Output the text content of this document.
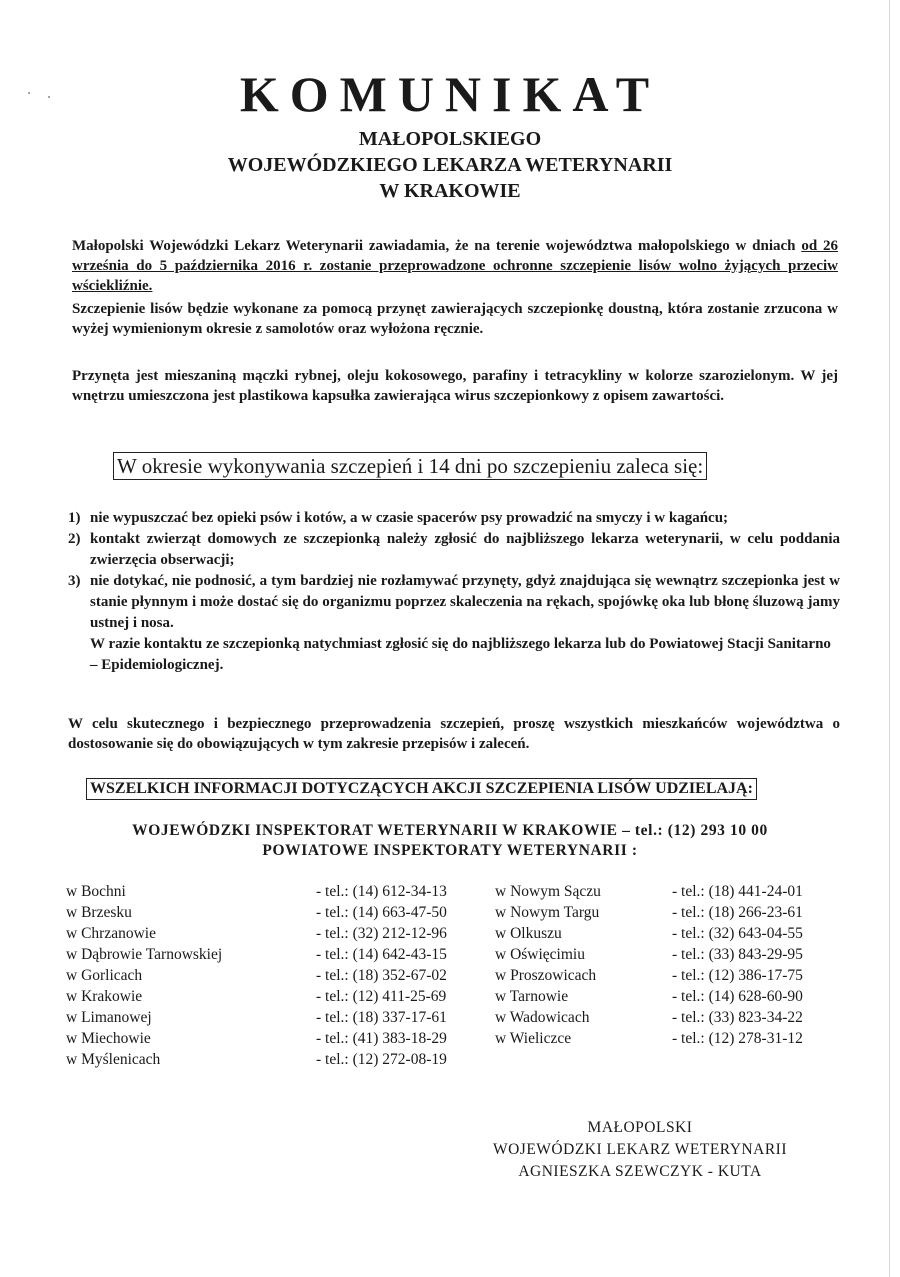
KOMUNIKAT
MAŁOPOLSKIEGO
WOJEWÓDZKIEGO LEKARZA WETERYNARII
W KRAKOWIE
Małopolski Wojewódzki Lekarz Weterynarii zawiadamia, że na terenie województwa małopolskiego w dniach od 26 września do 5 października 2016 r. zostanie przeprowadzone ochronne szczepienie lisów wolno żyjących przeciw wściekliźnie.
Szczepienie lisów będzie wykonane za pomocą przynęt zawierających szczepionkę doustną, która zostanie zrzucona w wyżej wymienionym okresie z samolotów oraz wyłożona ręcznie.
Przynęta jest mieszaniną mączki rybnej, oleju kokosowego, parafiny i tetracykliny w kolorze szarozielonym. W jej wnętrzu umieszczona jest plastikowa kapsułka zawierająca wirus szczepionkowy z opisem zawartości.
W okresie wykonywania szczepień i 14 dni po szczepieniu zaleca się:
1) nie wypuszczać bez opieki psów i kotów, a w czasie spacerów psy prowadzić na smyczy i w kagańcu;
2) kontakt zwierząt domowych ze szczepionką należy zgłosić do najbliższego lekarza weterynarii, w celu poddania zwierzęcia obserwacji;
3) nie dotykać, nie podnosić, a tym bardziej nie rozłamywać przynęty, gdyż znajdująca się wewnątrz szczepionka jest w stanie płynnym i może dostać się do organizmu poprzez skaleczenia na rękach, spojówkę oka lub błonę śluzową jamy ustnej i nosa.
W razie kontaktu ze szczepionką natychmiast zgłosić się do najbliższego lekarza lub do Powiatowej Stacji Sanitarno – Epidemiologicznej.
W celu skutecznego i bezpiecznego przeprowadzenia szczepień, proszę wszystkich mieszkańców województwa o dostosowanie się do obowiązujących w tym zakresie przepisów i zaleceń.
WSZELKICH INFORMACJI DOTYCZĄCYCH AKCJI SZCZEPIENIA LISÓW UDZIELAJĄ:
WOJEWÓDZKI INSPEKTORAT WETERYNARII W KRAKOWIE – tel.: (12) 293 10 00
POWIATOWE INSPEKTORATY WETERYNARII :
w Bochni	- tel.: (14) 612-34-13
w Brzesku	- tel.: (14) 663-47-50
w Chrzanowie	- tel.: (32) 212-12-96
w Dąbrowie Tarnowskiej	- tel.: (14) 642-43-15
w Gorlicach	- tel.: (18) 352-67-02
w Krakowie	- tel.: (12) 411-25-69
w Limanowej	- tel.: (18) 337-17-61
w Miechowie	- tel.: (41) 383-18-29
w Myślenicach	- tel.: (12) 272-08-19
w Nowym Sączu	- tel.: (18) 441-24-01
w Nowym Targu	- tel.: (18) 266-23-61
w Olkuszu	- tel.: (32) 643-04-55
w Oświęcimiu	- tel.: (33) 843-29-95
w Proszowicach	- tel.: (12) 386-17-75
w Tarnowie	- tel.: (14) 628-60-90
w Wadowicach	- tel.: (33) 823-34-22
w Wieliczce	- tel.: (12) 278-31-12
MAŁOPOLSKI
WOJEWÓDZKI LEKARZ WETERYNARII
AGNIESZKA SZEWCZYK - KUTA
